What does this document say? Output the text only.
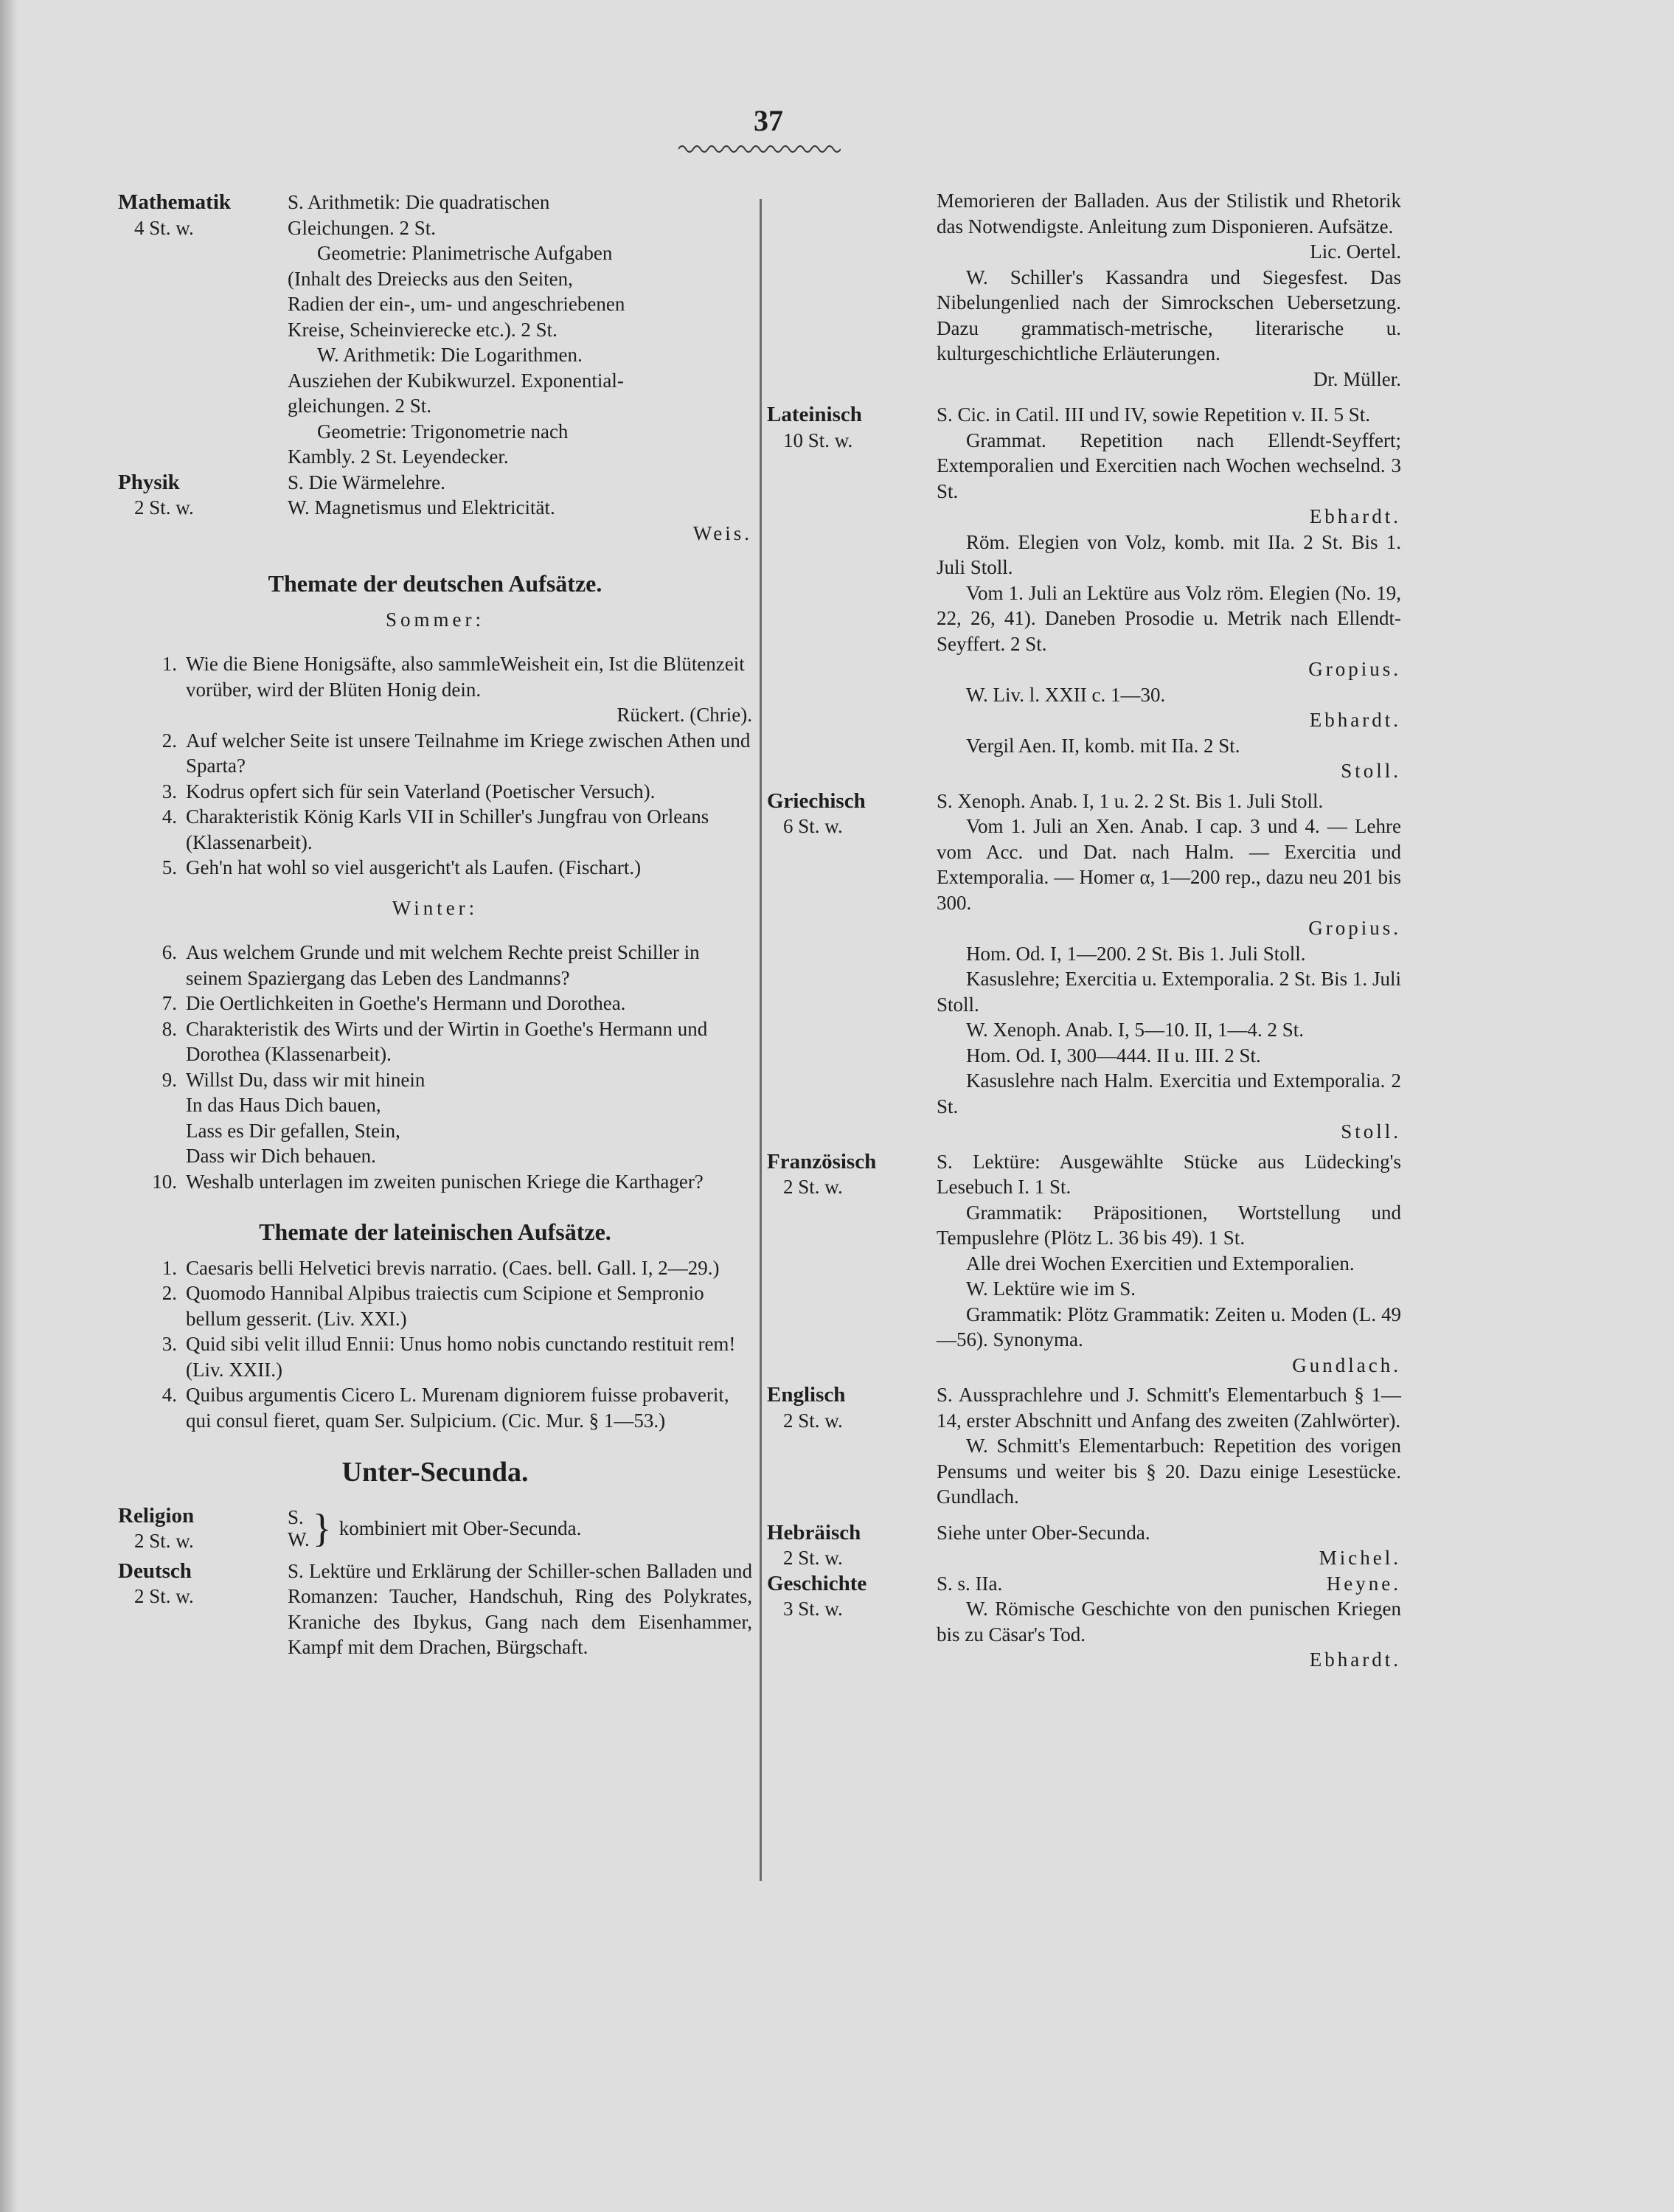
37
Mathematik
4 St. w.
S. Arithmetik: Die quadratischen
Gleichungen. 2 St.
Geometrie: Planimetrische Aufgaben
(Inhalt des Dreiecks aus den Seiten,
Radien der ein-, um- und angeschriebenen
Kreise, Scheinvierecke etc.). 2 St.
W. Arithmetik: Die Logarithmen.
Ausziehen der Kubikwurzel. Exponential-
gleichungen. 2 St.
Geometrie: Trigonometrie nach
Kambly. 2 St. Leyendecker.
Physik
2 St. w.
S. Die Wärmelehre.
W. Magnetismus und Elektricität.
Weis.
Themate der deutschen Aufsätze.
Sommer:
1. Wie die Biene Honigsäfte, also sammleWeisheit ein, Ist die Blütenzeit vorüber, wird der Blüten Honig dein.
Rückert. (Chrie).
2. Auf welcher Seite ist unsere Teilnahme im Kriege zwischen Athen und Sparta?
3. Kodrus opfert sich für sein Vaterland (Poetischer Versuch).
4. Charakteristik König Karls VII in Schiller's Jungfrau von Orleans (Klassenarbeit).
5. Geh'n hat wohl so viel ausgericht't als Laufen. (Fischart.)
Winter:
6. Aus welchem Grunde und mit welchem Rechte preist Schiller in seinem Spaziergang das Leben des Landmanns?
7. Die Oertlichkeiten in Goethe's Hermann und Dorothea.
8. Charakteristik des Wirts und der Wirtin in Goethe's Hermann und Dorothea (Klassenarbeit).
9. Willst Du, dass wir mit hinein
In das Haus Dich bauen,
Lass es Dir gefallen, Stein,
Dass wir Dich behauen.
10. Weshalb unterlagen im zweiten punischen Kriege die Karthager?
Themate der lateinischen Aufsätze.
1. Caesaris belli Helvetici brevis narratio. (Caes. bell. Gall. I, 2—29.)
2. Quomodo Hannibal Alpibus traiectis cum Scipione et Sempronio bellum gesserit. (Liv. XXI.)
3. Quid sibi velit illud Ennii: Unus homo nobis cunctando restituit rem! (Liv. XXII.)
4. Quibus argumentis Cicero L. Murenam digniorem fuisse probaverit, qui consul fieret, quam Ser. Sulpicium. (Cic. Mur. § 1—53.)
Unter-Secunda.
Religion
2 St. w.
S.
W. } kombiniert mit Ober-Secunda.
Deutsch
2 St. w.
S. Lektüre und Erklärung der Schiller-schen Balladen und Romanzen: Taucher, Handschuh, Ring des Polykrates, Kraniche des Ibykus, Gang nach dem Eisenhammer, Kampf mit dem Drachen, Bürgschaft.
Memorieren der Balladen. Aus der Stilistik und Rhetorik das Notwendigste. Anleitung zum Disponieren. Aufsätze.
Lic. Oertel.
W. Schiller's Kassandra und Siegesfest. Das Nibelungenlied nach der Simrockschen Uebersetzung. Dazu grammatisch-metrische, literarische u. kulturgeschichtliche Erläuterungen.
Dr. Müller.
Lateinisch
10 St. w.
S. Cic. in Catil. III und IV, sowie Repetition v. II. 5 St.
Grammat. Repetition nach Ellendt-Seyffert; Extemporalien und Exercitien nach Wochen wechselnd. 3 St.
Ebhardt.
Röm. Elegien von Volz, komb. mit IIa. 2 St. Bis 1. Juli Stoll.
Vom 1. Juli an Lektüre aus Volz röm. Elegien (No. 19, 22, 26, 41). Daneben Prosodie u. Metrik nach Ellendt-Seyffert. 2 St.
Gropius.
W. Liv. l. XXII c. 1—30.
Ebhardt.
Vergil Aen. II, komb. mit IIa. 2 St.
Stoll.
Griechisch
6 St. w.
S. Xenoph. Anab. I, 1 u. 2. 2 St. Bis 1. Juli Stoll.
Vom 1. Juli an Xen. Anab. I cap. 3 und 4. — Lehre vom Acc. und Dat. nach Halm. — Exercitia und Extemporalia. — Homer α, 1—200 rep., dazu neu 201 bis 300.
Gropius.
Hom. Od. I, 1—200. 2 St. Bis 1. Juli Stoll.
Kasuslehre; Exercitia u. Extemporalia. 2 St. Bis 1. Juli Stoll.
W. Xenoph. Anab. I, 5—10. II, 1—4. 2 St.
Hom. Od. I, 300—444. II u. III. 2 St.
Kasuslehre nach Halm. Exercitia und Extemporalia. 2 St.
Stoll.
Französisch
2 St. w.
S. Lektüre: Ausgewählte Stücke aus Lüdecking's Lesebuch I. 1 St.
Grammatik: Präpositionen, Wortstellung und Tempuslehre (Plötz L. 36 bis 49). 1 St.
Alle drei Wochen Exercitien und Extemporalien.
W. Lektüre wie im S.
Grammatik: Plötz Grammatik: Zeiten u. Moden (L. 49—56). Synonyma.
Gundlach.
Englisch
2 St. w.
S. Aussprachlehre und J. Schmitt's Elementarbuch § 1—14, erster Abschnitt und Anfang des zweiten (Zahlwörter).
W. Schmitt's Elementarbuch: Repetition des vorigen Pensums und weiter bis § 20. Dazu einige Lesestücke. Gundlach.
Hebräisch
2 St. w.
Siehe unter Ober-Secunda.
Michel.
Geschichte
3 St. w.
S. s. IIa.	Heyne.
W. Römische Geschichte von den punischen Kriegen bis zu Cäsar's Tod.
Ebhardt.
